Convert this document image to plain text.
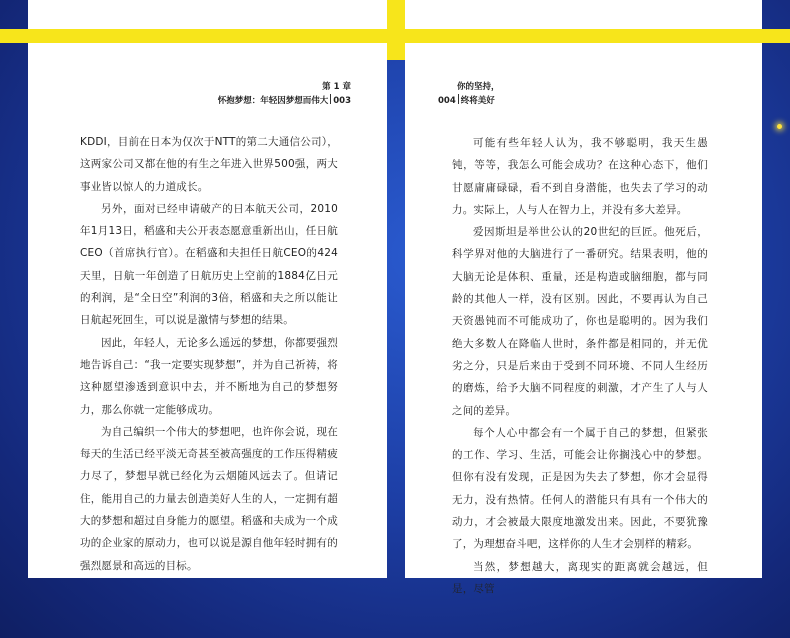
第 1 章
怀抱梦想：年轻因梦想而伟大 003

KDDI，目前在日本为仅次于NTT的第二大通信公司），这两家公司又都在他的有生之年进入世界500强，两大事业皆以惊人的力道成长。

另外，面对已经申请破产的日本航天公司，2010年1月13日，稻盛和夫公开表态愿意重新出山，任日航CEO（首席执行官）。在稻盛和夫担任日航CEO的424天里，日航一年创造了日航历史上空前的1884亿日元的利润，是“全日空”利润的3倍，稻盛和夫之所以能让日航起死回生，可以说是激情与梦想的结果。

因此，年轻人，无论多么遥远的梦想，你都要强烈地告诉自己：“我一定要实现梦想”，并为自己祈祷，将这种愿望渗透到意识中去，并不断地为自己的梦想努力，那么你就一定能够成功。

为自己编织一个伟大的梦想吧，也许你会说，现在每天的生活已经平淡无奇甚至被高强度的工作压得精疲力尽了，梦想早就已经化为云烟随风远去了。但请记住，能用自己的力量去创造美好人生的人，一定拥有超大的梦想和超过自身能力的愿望。稻盛和夫成为一个成功的企业家的原动力，也可以说是源自他年轻时拥有的强烈愿景和高远的目标。

你的坚持，
004 终将美好

可能有些年轻人认为，我不够聪明，我天生愚钝，等等，我怎么可能会成功？在这种心态下，他们甘愿庸庸碌碌，看不到自身潜能，也失去了学习的动力。实际上，人与人在智力上，并没有多大差异。

爱因斯坦是举世公认的20世纪的巨匠。他死后，科学界对他的大脑进行了一番研究。结果表明，他的大脑无论是体积、重量，还是构造或脑细胞，都与同龄的其他人一样，没有区别。因此，不要再认为自己天资愚钝而不可能成功了，你也是聪明的。因为我们绝大多数人在降临人世时，条件都是相同的，并无优劣之分，只是后来由于受到不同环境、不同人生经历的磨炼，给予大脑不同程度的刺激，才产生了人与人之间的差异。

每个人心中都会有一个属于自己的梦想，但紧张的工作、学习、生活，可能会让你搁浅心中的梦想。但你有没有发现，正是因为失去了梦想，你才会显得无力，没有热情。任何人的潜能只有具有一个伟大的动力，才会被最大限度地激发出来。因此，不要犹豫了，为理想奋斗吧，这样你的人生才会别样的精彩。

当然，梦想越大，离现实的距离就会越远，但是，尽管
